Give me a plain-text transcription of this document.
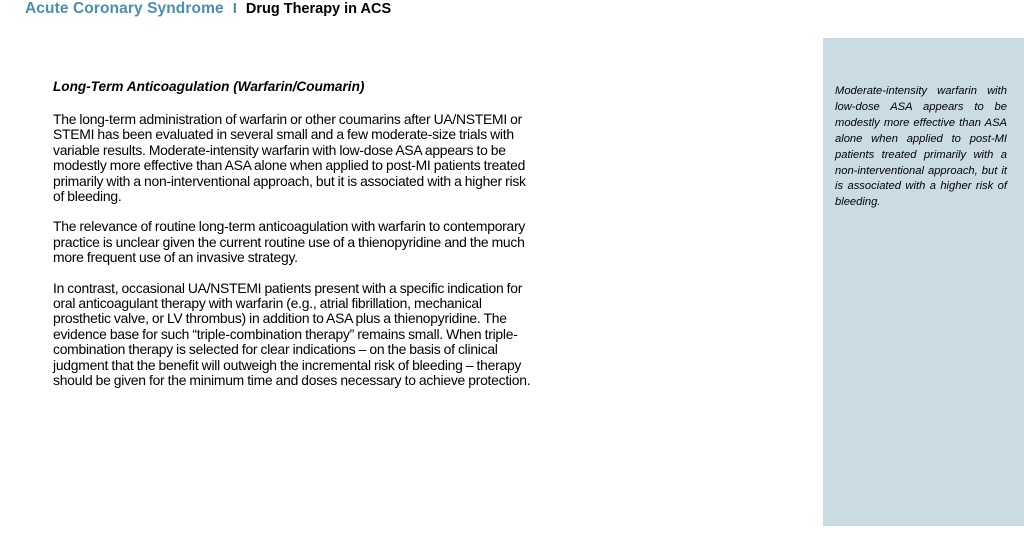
Acute Coronary Syndrome I Drug Therapy in ACS
Long-Term Anticoagulation (Warfarin/Coumarin)

The long-term administration of warfarin or other coumarins after UA/NSTEMI or STEMI has been evaluated in several small and a few moderate-size trials with variable results. Moderate-intensity warfarin with low-dose ASA appears to be modestly more effective than ASA alone when applied to post-MI patients treated primarily with a non-interventional approach, but it is associated with a higher risk of bleeding.

The relevance of routine long-term anticoagulation with warfarin to contemporary practice is unclear given the current routine use of a thienopyridine and the much more frequent use of an invasive strategy.

In contrast, occasional UA/NSTEMI patients present with a specific indication for oral anticoagulant therapy with warfarin (e.g., atrial fibrillation, mechanical prosthetic valve, or LV thrombus) in addition to ASA plus a thienopyridine. The evidence base for such “triple-combination therapy” remains small. When triple-combination therapy is selected for clear indications – on the basis of clinical judgment that the benefit will outweigh the incremental risk of bleeding – therapy should be given for the minimum time and doses necessary to achieve protection.

Moderate-intensity warfarin with low-dose ASA appears to be modestly more effective than ASA alone when applied to post-MI patients treated primarily with a non-interventional approach, but it is associated with a higher risk of bleeding.
